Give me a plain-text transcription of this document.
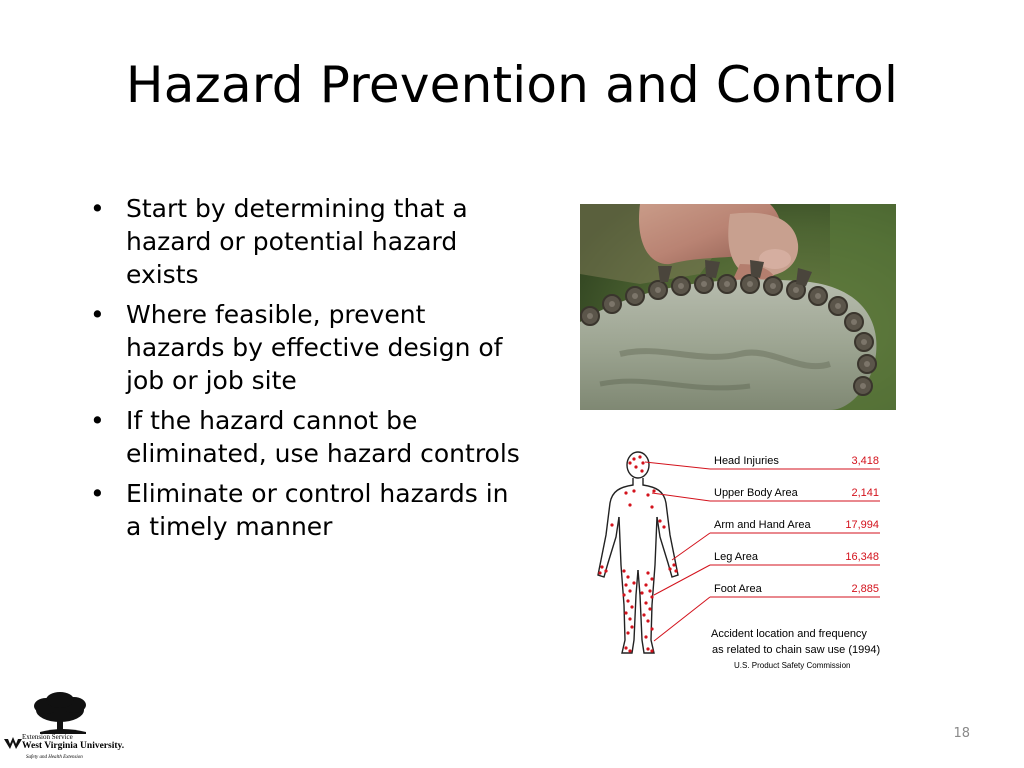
Hazard Prevention and Control
• Start by determining that a hazard or potential hazard exists
• Where feasible, prevent hazards by effective design of job or job site
• If the hazard cannot be eliminated, use hazard controls
• Eliminate or control hazards in a timely manner
Head Injuries	3,418
Upper Body Area	2,141
Arm and Hand Area	17,994
Leg Area	16,348
Foot Area	2,885
Accident location and frequency
as related to chain saw use (1994)
U.S. Product Safety Commission
Extension Service
West Virginia University.
Safety and Health Extension
18
